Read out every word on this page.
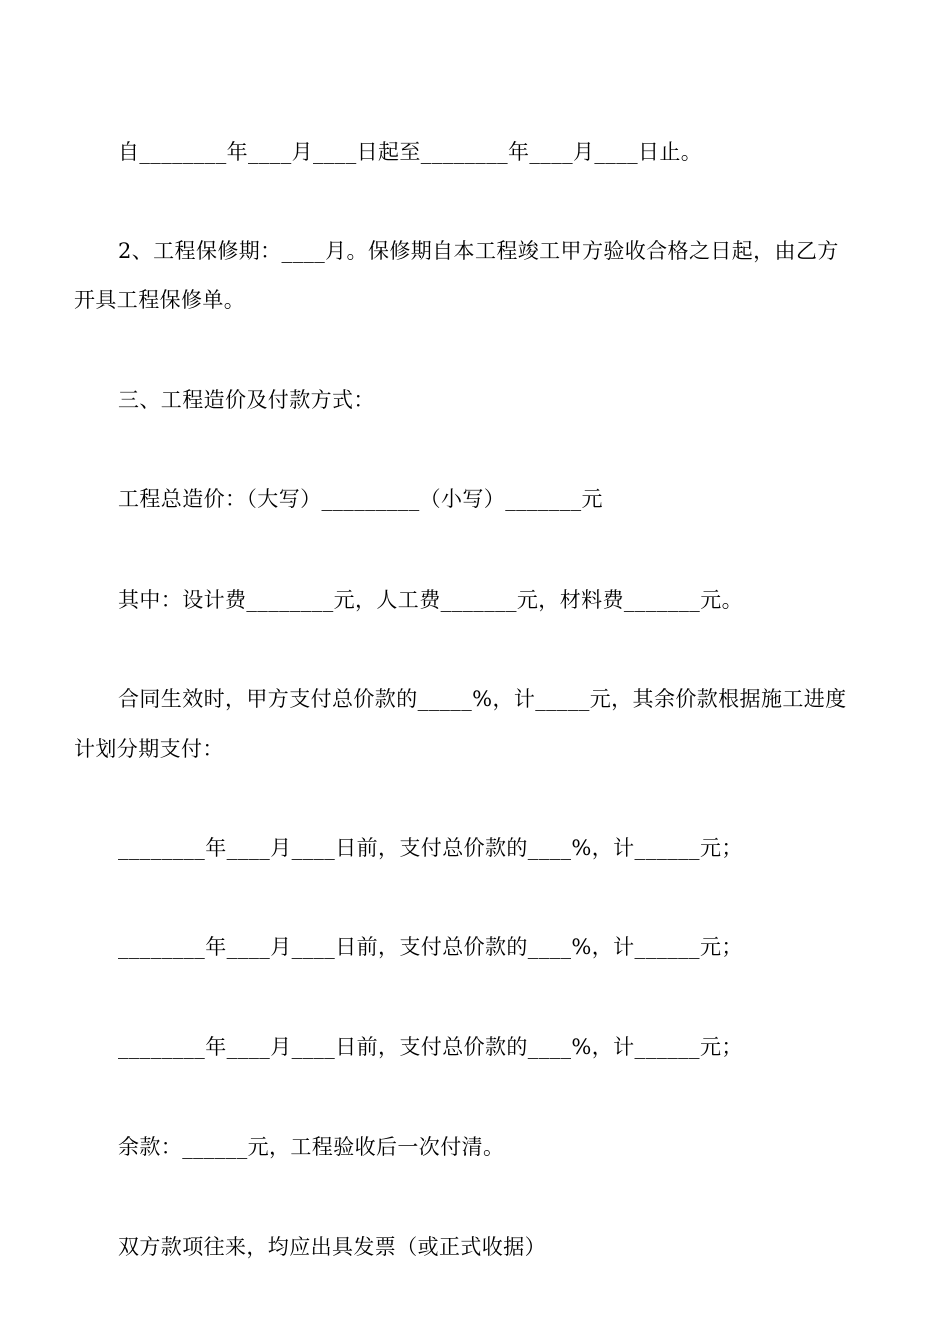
自________年____月____日起至________年____月____日止。
2、工程保修期：____月。保修期自本工程竣工甲方验收合格之日起，由乙方
开具工程保修单。
三、工程造价及付款方式：
工程总造价：（大写）_________（小写）_______元
其中：设计费________元，人工费_______元，材料费_______元。
合同生效时，甲方支付总价款的_____%，计_____元，其余价款根据施工进度
计划分期支付：
________年____月____日前，支付总价款的____%，计______元；
________年____月____日前，支付总价款的____%，计______元；
________年____月____日前，支付总价款的____%，计______元；
余款：______元，工程验收后一次付清。
双方款项往来，均应出具发票（或正式收据）
